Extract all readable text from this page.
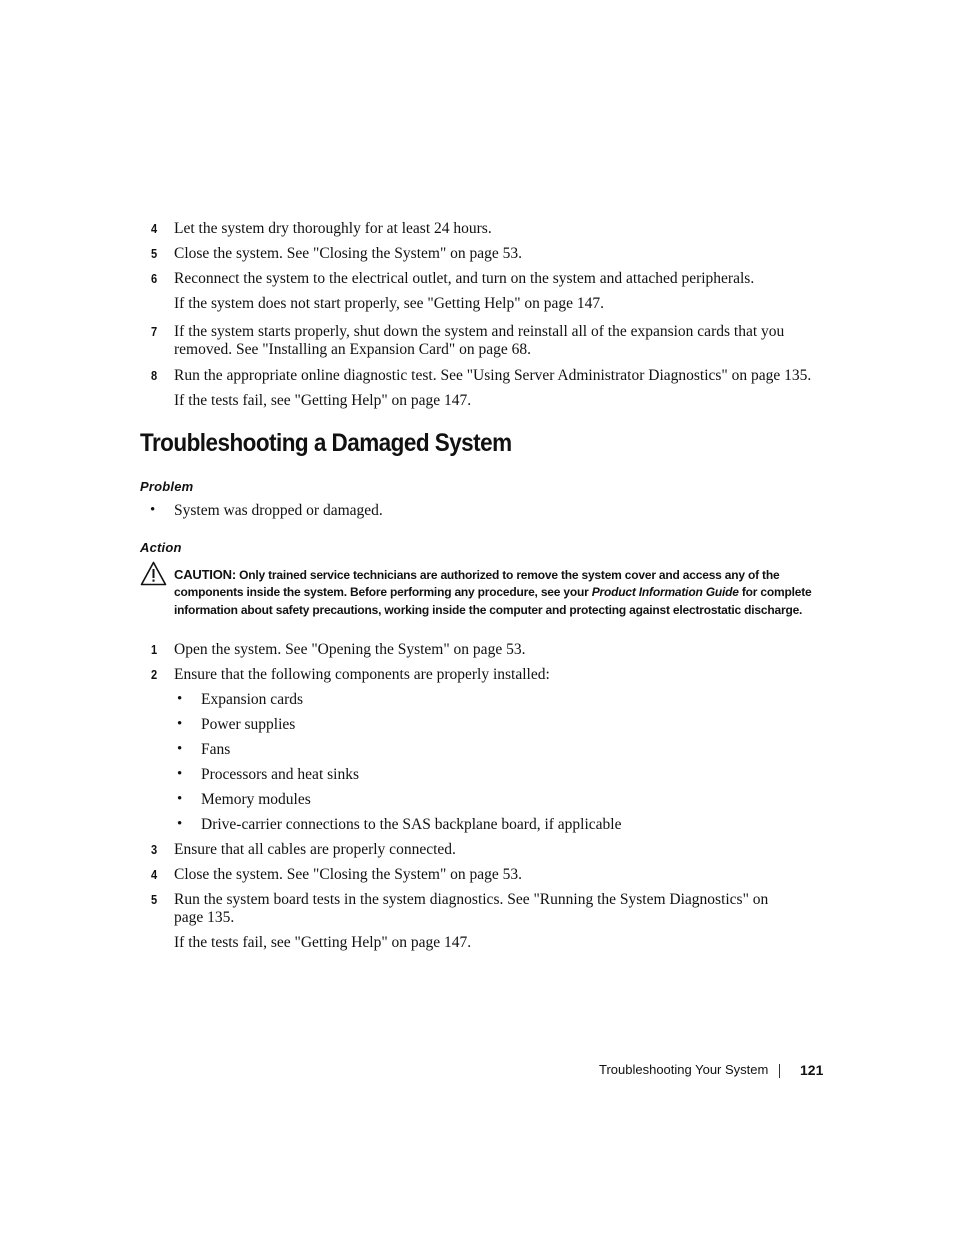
4 Let the system dry thoroughly for at least 24 hours.
5 Close the system. See "Closing the System" on page 53.
6 Reconnect the system to the electrical outlet, and turn on the system and attached peripherals.
If the system does not start properly, see "Getting Help" on page 147.
7 If the system starts properly, shut down the system and reinstall all of the expansion cards that you removed. See "Installing an Expansion Card" on page 68.
8 Run the appropriate online diagnostic test. See "Using Server Administrator Diagnostics" on page 135.
If the tests fail, see "Getting Help" on page 147.
Troubleshooting a Damaged System
Problem
• System was dropped or damaged.
Action
CAUTION: Only trained service technicians are authorized to remove the system cover and access any of the components inside the system. Before performing any procedure, see your Product Information Guide for complete information about safety precautions, working inside the computer and protecting against electrostatic discharge.
1 Open the system. See "Opening the System" on page 53.
2 Ensure that the following components are properly installed:
• Expansion cards
• Power supplies
• Fans
• Processors and heat sinks
• Memory modules
• Drive-carrier connections to the SAS backplane board, if applicable
3 Ensure that all cables are properly connected.
4 Close the system. See "Closing the System" on page 53.
5 Run the system board tests in the system diagnostics. See "Running the System Diagnostics" on page 135.
If the tests fail, see "Getting Help" on page 147.
Troubleshooting Your System 121
